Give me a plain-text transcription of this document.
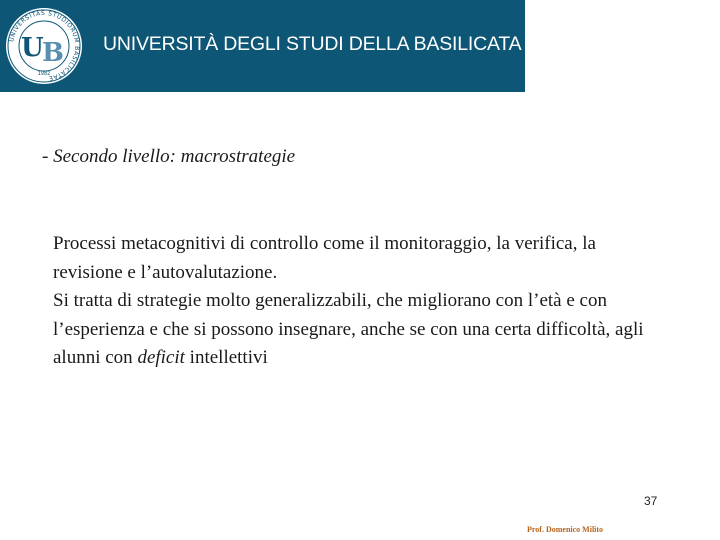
UNIVERSITAS STUDIORUM BASILICATAE
U
B
1982
UNIVERSITÀ DEGLI STUDI DELLA BASILICATA
- Secondo livello: macrostrategie

Processi metacognitivi di controllo come il monitoraggio, la verifica, la revisione e l’autovalutazione.

Si tratta di strategie molto generalizzabili, che migliorano con l’età e con l’esperienza e che si possono insegnare, anche se con una certa difficoltà, agli alunni con deficit intellettivi

37
Prof. Domenico Milito
